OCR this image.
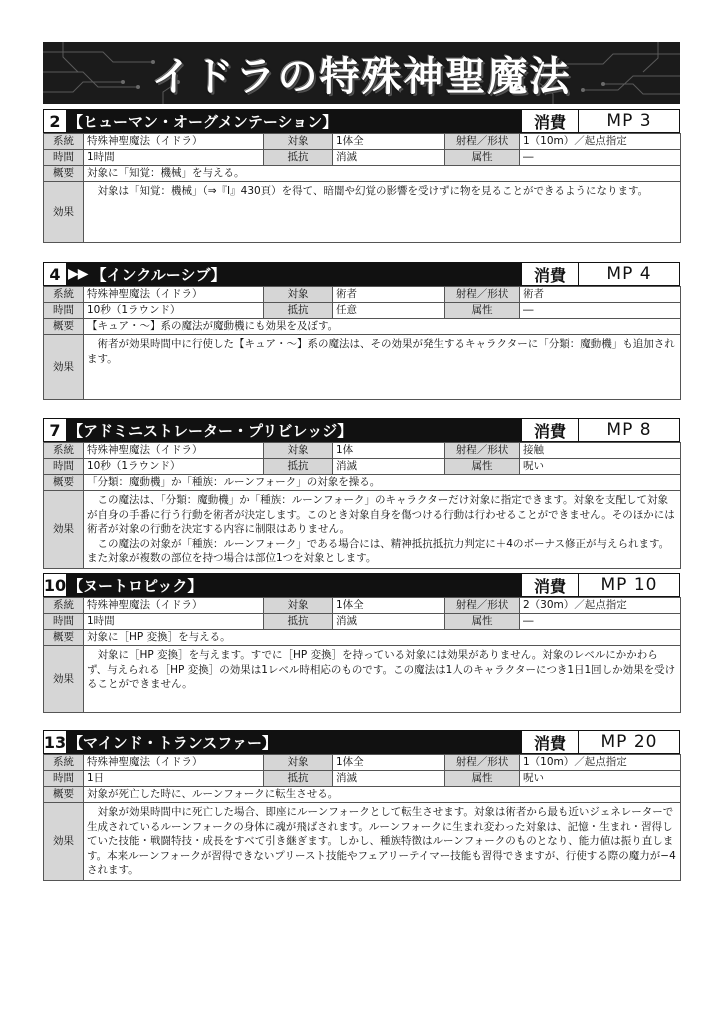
イドラの特殊神聖魔法
2 【ヒューマン・オーグメンテーション】	消費	MP 3
系統	特殊神聖魔法（イドラ）	対象	1体全	射程／形状	1（10m）／起点指定
時間	1時間	抵抗	消滅	属性	―
概要	対象に「知覚：機械」を与える。				
効果	対象は「知覚：機械」（⇒『Ⅰ』430頁）を得て、暗闇や幻覚の影響を受けずに物を見ることができるようになります。				

4 ▶▶ 【インクルーシブ】	消費	MP 4
系統	特殊神聖魔法（イドラ）	対象	術者	射程／形状	術者
時間	10秒（1ラウンド）	抵抗	任意	属性	―
概要	【キュア・～】系の魔法が魔動機にも効果を及ぼす。				
効果	術者が効果時間中に行使した【キュア・～】系の魔法は、その効果が発生するキャラクターに「分類：魔動機」も追加されます。				

7 【アドミニストレーター・プリビレッジ】	消費	MP 8
系統	特殊神聖魔法（イドラ）	対象	1体	射程／形状	接触
時間	10秒（1ラウンド）	抵抗	消滅	属性	呪い
概要	「分類：魔動機」か「種族：ルーンフォーク」の対象を操る。				
効果	この魔法は、「分類：魔動機」か「種族：ルーンフォーク」のキャラクターだけ対象に指定できます。対象を支配して対象が自身の手番に行う行動を術者が決定します。このとき対象自身を傷つける行動は行わせることができません。そのほかには術者が対象の行動を決定する内容に制限はありません。

この魔法の対象が「種族：ルーンフォーク」である場合には、精神抵抗抵抗力判定に＋4のボーナス修正が与えられます。また対象が複数の部位を持つ場合は部位1つを対象とします。				

10 【ヌートロピック】	消費	MP 10
系統	特殊神聖魔法（イドラ）	対象	1体全	射程／形状	2（30m）／起点指定
時間	1時間	抵抗	消滅	属性	―
概要	対象に［HP 変換］を与える。				
効果	対象に［HP 変換］を与えます。すでに［HP 変換］を持っている対象には効果がありません。対象のレベルにかかわらず、与えられる［HP 変換］の効果は1レベル時相応のものです。この魔法は1人のキャラクターにつき1日1回しか効果を受けることができません。				

13 【マインド・トランスファー】	消費	MP 20
系統	特殊神聖魔法（イドラ）	対象	1体全	射程／形状	1（10m）／起点指定
時間	1日	抵抗	消滅	属性	呪い
概要	対象が死亡した時に、ルーンフォークに転生させる。				
効果	対象が効果時間中に死亡した場合、即座にルーンフォークとして転生させます。対象は術者から最も近いジェネレーターで生成されているルーンフォークの身体に魂が飛ばされます。ルーンフォークに生まれ変わった対象は、記憶・生まれ・習得していた技能・戦闘特技・成長をすべて引き継ぎます。しかし、種族特徴はルーンフォークのものとなり、能力値は振り直します。本来ルーンフォークが習得できないプリースト技能やフェアリーテイマー技能も習得できますが、行使する際の魔力が−4されます。				
